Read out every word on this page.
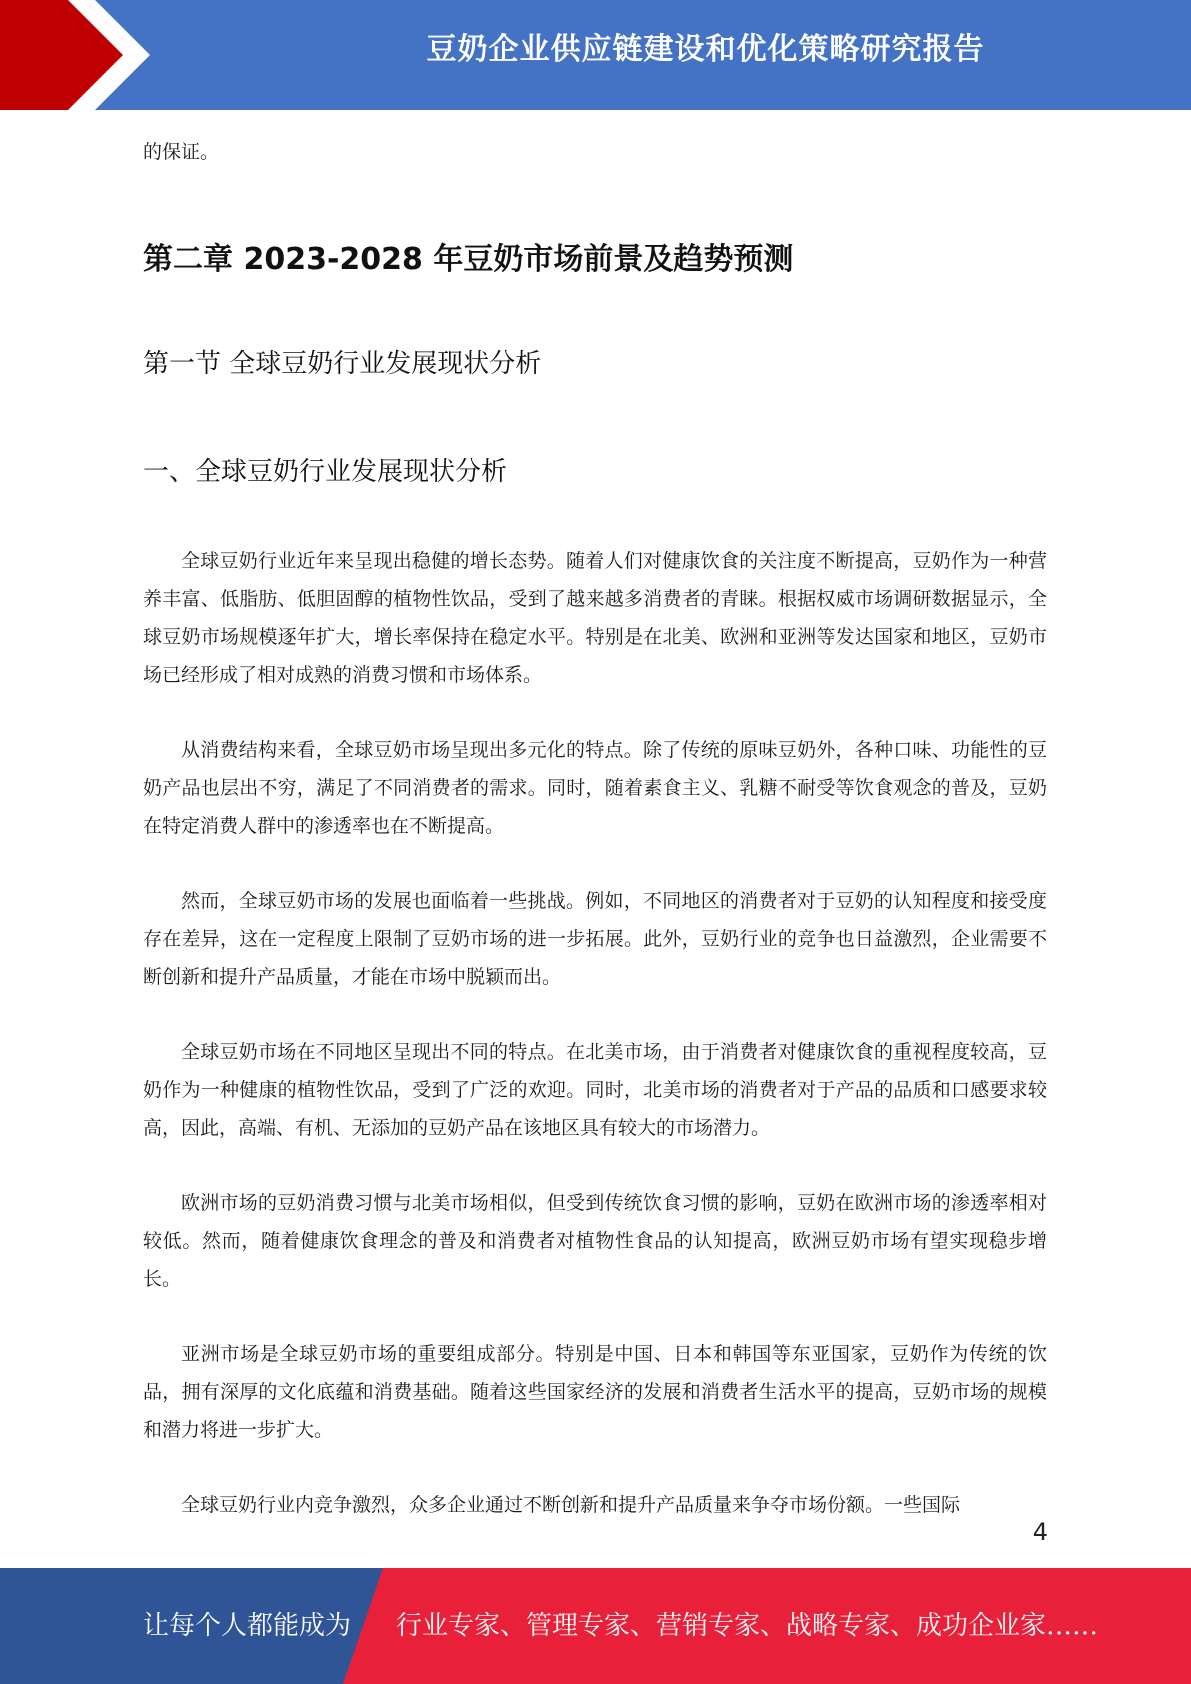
豆奶企业供应链建设和优化策略研究报告

的保证。

第二章 2023-2028 年豆奶市场前景及趋势预测
第一节 全球豆奶行业发展现状分析
一、全球豆奶行业发展现状分析

全球豆奶行业近年来呈现出稳健的增长态势。随着人们对健康饮食的关注度不断提高，豆奶作为一种营养丰富、低脂肪、低胆固醇的植物性饮品，受到了越来越多消费者的青睐。根据权威市场调研数据显示，全球豆奶市场规模逐年扩大，增长率保持在稳定水平。特别是在北美、欧洲和亚洲等发达国家和地区，豆奶市场已经形成了相对成熟的消费习惯和市场体系。

从消费结构来看，全球豆奶市场呈现出多元化的特点。除了传统的原味豆奶外，各种口味、功能性的豆奶产品也层出不穷，满足了不同消费者的需求。同时，随着素食主义、乳糖不耐受等饮食观念的普及，豆奶在特定消费人群中的渗透率也在不断提高。

然而，全球豆奶市场的发展也面临着一些挑战。例如，不同地区的消费者对于豆奶的认知程度和接受度存在差异，这在一定程度上限制了豆奶市场的进一步拓展。此外，豆奶行业的竞争也日益激烈，企业需要不断创新和提升产品质量，才能在市场中脱颖而出。

全球豆奶市场在不同地区呈现出不同的特点。在北美市场，由于消费者对健康饮食的重视程度较高，豆奶作为一种健康的植物性饮品，受到了广泛的欢迎。同时，北美市场的消费者对于产品的品质和口感要求较高，因此，高端、有机、无添加的豆奶产品在该地区具有较大的市场潜力。

欧洲市场的豆奶消费习惯与北美市场相似，但受到传统饮食习惯的影响，豆奶在欧洲市场的渗透率相对较低。然而，随着健康饮食理念的普及和消费者对植物性食品的认知提高，欧洲豆奶市场有望实现稳步增长。

亚洲市场是全球豆奶市场的重要组成部分。特别是中国、日本和韩国等东亚国家，豆奶作为传统的饮品，拥有深厚的文化底蕴和消费基础。随着这些国家经济的发展和消费者生活水平的提高，豆奶市场的规模和潜力将进一步扩大。

全球豆奶行业内竞争激烈，众多企业通过不断创新和提升产品质量来争夺市场份额。一些国际

4
让每个人都能成为 行业专家、管理专家、营销专家、战略专家、成功企业家……
